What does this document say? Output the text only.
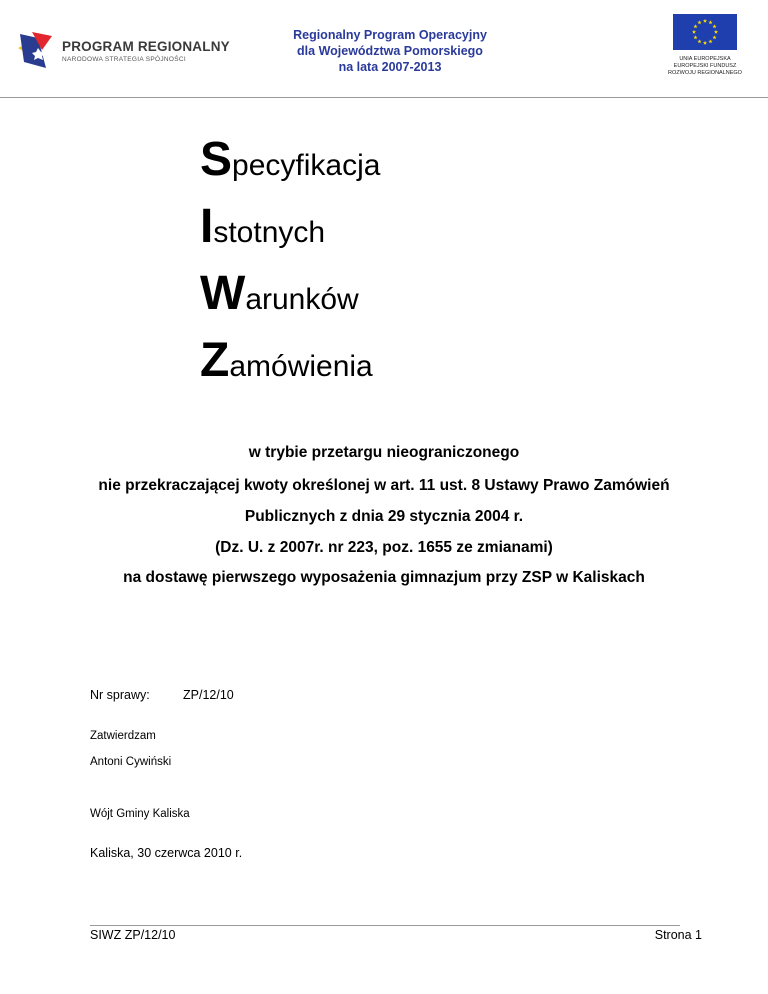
PROGRAM REGIONALNY
NARODOWA STRATEGIA SPÓJNOŚCI
Regionalny Program Operacyjny
dla Województwa Pomorskiego
na lata 2007-2013
UNIA EUROPEJSKA
EUROPEJSKI FUNDUSZ
ROZWOJU REGIONALNEGO
Specyfikacja
Istotnych
Warunków
Zamówienia
w trybie przetargu nieograniczonego
nie przekraczającej kwoty określonej w art. 11 ust. 8 Ustawy Prawo Zamówień
Publicznych z dnia 29 stycznia 2004 r.
(Dz. U. z 2007r. nr 223, poz. 1655 ze zmianami)
na dostawę pierwszego wyposażenia gimnazjum przy ZSP w Kaliskach
Nr sprawy:	ZP/12/10
Zatwierdzam
Antoni Cywiński
Wójt Gminy Kaliska
Kaliska, 30 czerwca 2010 r.
SIWZ ZP/12/10	Strona 1
